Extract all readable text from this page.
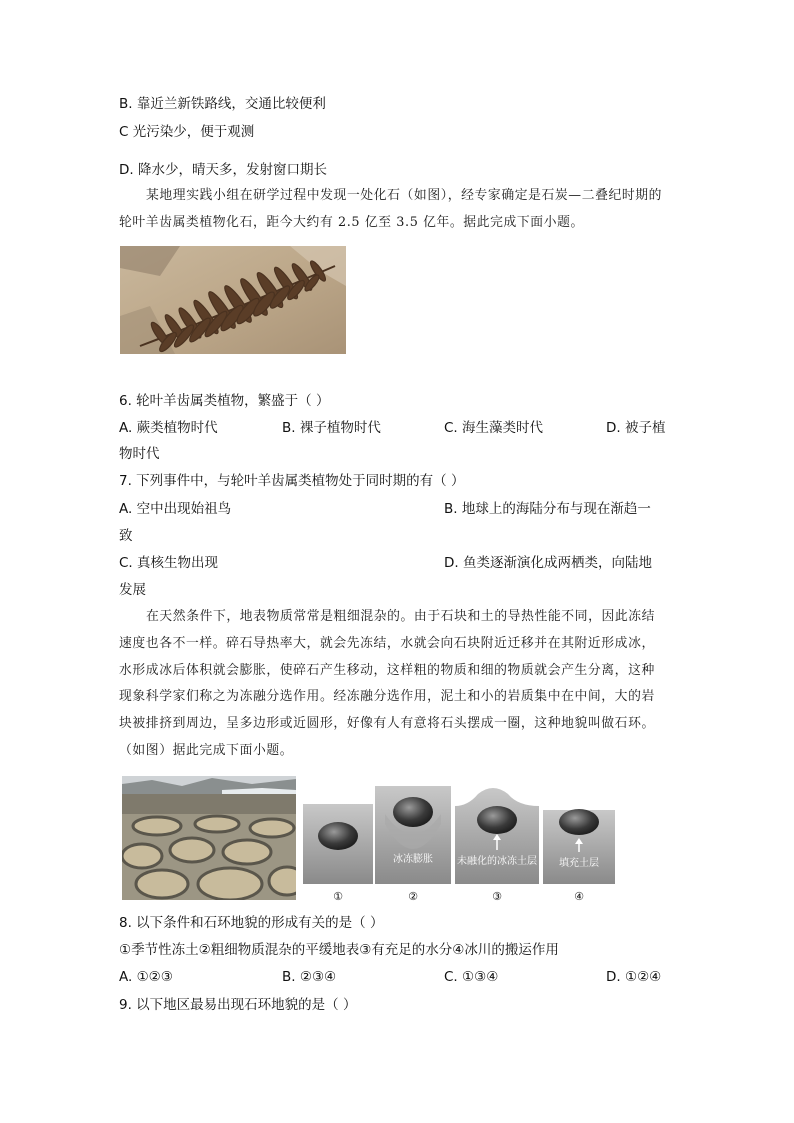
B. 靠近兰新铁路线，交通比较便利
C 光污染少，便于观测
D. 降水少，晴天多，发射窗口期长
某地理实践小组在研学过程中发现一处化石（如图），经专家确定是石炭—二叠纪时期的轮叶羊齿属类植物化石，距今大约有 2.5 亿至 3.5 亿年。据此完成下面小题。
6. 轮叶羊齿属类植物，繁盛于（ ）
A. 蕨类植物时代	B. 裸子植物时代	C. 海生藻类时代	D. 被子植
物时代
7. 下列事件中，与轮叶羊齿属类植物处于同时期的有（ ）
A. 空中出现始祖鸟	B. 地球上的海陆分布与现在渐趋一
致
C. 真核生物出现	D. 鱼类逐渐演化成两栖类，向陆地
发展
在天然条件下，地表物质常常是粗细混杂的。由于石块和土的导热性能不同，因此冻结速度也各不一样。碎石导热率大，就会先冻结，水就会向石块附近迁移并在其附近形成冰，水形成冰后体积就会膨胀，使碎石产生移动，这样粗的物质和细的物质就会产生分离，这种现象科学家们称之为冻融分选作用。经冻融分选作用，泥土和小的岩质集中在中间，大的岩块被排挤到周边，呈多边形或近圆形，好像有人有意将石头摆成一圈，这种地貌叫做石环。（如图）据此完成下面小题。
冰冻膨胀 未融化的冰冻土层 填充土层
①	②	③	④
8. 以下条件和石环地貌的形成有关的是（ ）
①季节性冻土②粗细物质混杂的平缓地表③有充足的水分④冰川的搬运作用
A. ①②③	B. ②③④	C. ①③④	D. ①②④
9. 以下地区最易出现石环地貌的是（ ）
